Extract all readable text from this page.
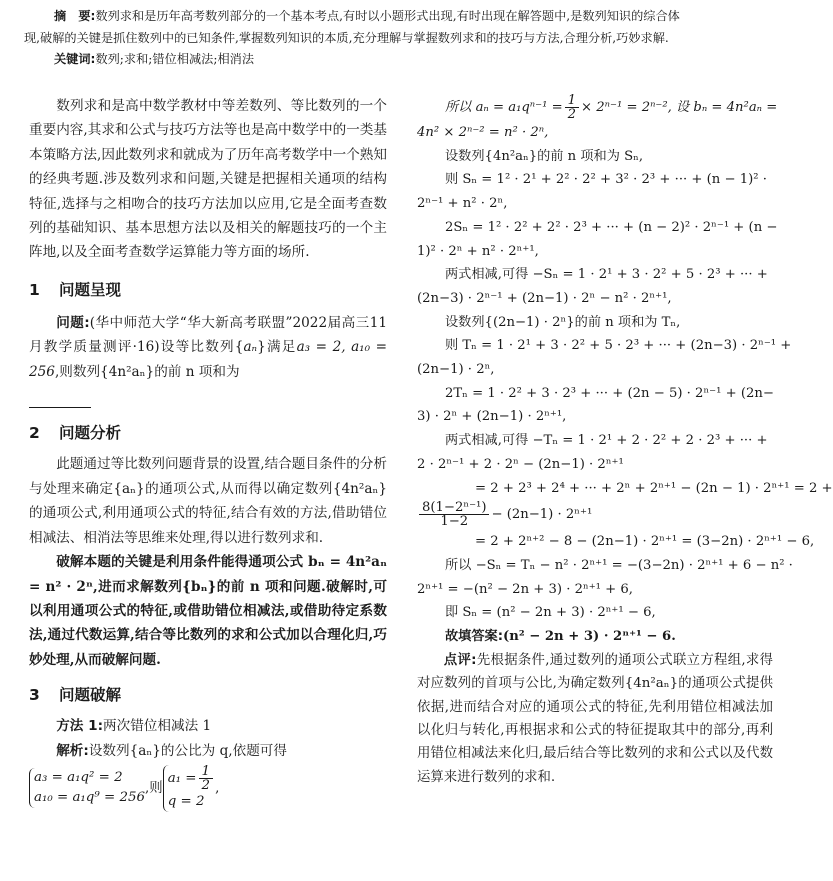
摘　要:数列求和是历年高考数列部分的一个基本考点,有时以小题形式出现,有时出现在解答题中,是数列知识的综合体

现,破解的关键是抓住数列中的已知条件,掌握数列知识的本质,充分理解与掌握数列求和的技巧与方法,合理分析,巧妙求解.

关键词:数列;求和;错位相减法;相消法

数列求和是高中数学教材中等差数列、等比数列的一个重要内容,其求和公式与技巧方法等也是高中数学中的一类基本策略方法,因此数列求和就成为了历年高考数学中一个熟知的经典考题.涉及数列求和问题,关键是把握相关通项的结构特征,选择与之相吻合的技巧方法加以应用,它是全面考查数列的基础知识、基本思想方法以及相关的解题技巧的一个主阵地,以及全面考查数学运算能力等方面的场所.

1 问题呈现

问题:(华中师范大学“华大新高考联盟”2022届高三11月教学质量测评·16)设等比数列{aₙ}满足a₃ = 2, a₁₀ = 256,则数列{4n²aₙ}的前 n 项和为

2 问题分析

此题通过等比数列问题背景的设置,结合题目条件的分析与处理来确定{aₙ}的通项公式,从而得以确定数列{4n²aₙ}的通项公式,利用通项公式的特征,结合有效的方法,借助错位相减法、相消法等思维来处理,得以进行数列求和.

破解本题的关键是利用条件能得通项公式 bₙ = 4n²aₙ = n² · 2ⁿ,进而求解数列{bₙ}的前 n 项和问题.破解时,可以利用通项公式的特征,或借助错位相减法,或借助待定系数法,通过代数运算,结合等比数列的求和公式加以合理化归,巧妙处理,从而破解问题.

3 问题破解

方法 1:两次错位相减法 1

解析:设数列{aₙ}的公比为 q,依题可得

a₃ = a₁q² = 2
a₁₀ = a₁q⁹ = 256,则$a_1 = \frac{1}{2}$

q = 2,

所以 $a_n = a_1q^{n-1} = \frac{1}{2} \times 2^{n-1} = 2^{n-2}$, 设 bₙ = 4n²aₙ =

4n² × 2ⁿ⁻² = n² · 2ⁿ,

设数列{4n²aₙ}的前 n 项和为 Sₙ,

则 Sₙ = 1² · 2¹ + 2² · 2² + 3² · 2³ + ··· + (n − 1)² ·

2ⁿ⁻¹ + n² · 2ⁿ,

2Sₙ = 1² · 2² + 2² · 2³ + ··· + (n − 2)² · 2ⁿ⁻¹ + (n −

1)² · 2ⁿ + n² · 2ⁿ⁺¹,

两式相减,可得 −Sₙ = 1 · 2¹ + 3 · 2² + 5 · 2³ + ··· +

(2n−3) · 2ⁿ⁻¹ + (2n−1) · 2ⁿ − n² · 2ⁿ⁺¹,

设数列{(2n−1) · 2ⁿ}的前 n 项和为 Tₙ,

则 Tₙ = 1 · 2¹ + 3 · 2² + 5 · 2³ + ··· + (2n−3) · 2ⁿ⁻¹ +

(2n−1) · 2ⁿ,

2Tₙ = 1 · 2² + 3 · 2³ + ··· + (2n − 5) · 2ⁿ⁻¹ + (2n−

3) · 2ⁿ + (2n−1) · 2ⁿ⁺¹,

两式相减,可得 −Tₙ = 1 · 2¹ + 2 · 2² + 2 · 2³ + ··· +

2 · 2ⁿ⁻¹ + 2 · 2ⁿ − (2n−1) · 2ⁿ⁺¹

= 2 + 2³ + 2⁴ + ··· + 2ⁿ + 2ⁿ⁺¹ − (2n − 1) · 2ⁿ⁺¹ = 2 +

$\frac{\text{8(1−2ⁿ⁻¹)}}{1-2} - (2n-1) \cdot 2^{n+1}$

= 2 + 2ⁿ⁺² − 8 − (2n−1) · 2ⁿ⁺¹ = (3−2n) · 2ⁿ⁺¹ − 6,

所以 −Sₙ = Tₙ − n² · 2ⁿ⁺¹ = −(3−2n) · 2ⁿ⁺¹ + 6 − n² ·

2ⁿ⁺¹ = −(n² − 2n + 3) · 2ⁿ⁺¹ + 6,

即 Sₙ = (n² − 2n + 3) · 2ⁿ⁺¹ − 6,

故填答案:(n² − 2n + 3) · 2ⁿ⁺¹ − 6.

点评:先根据条件,通过数列的通项公式联立方程组,求得对应数列的首项与公比,为确定数列{4n²aₙ}的通项公式提供依据,进而结合对应的通项公式的特征,先利用错位相减法加以化归与转化,再根据求和公式的特征提取其中的部分,再利用错位相减法来化归,最后结合等比数列的求和公式以及代数运算来进行数列的求和.
